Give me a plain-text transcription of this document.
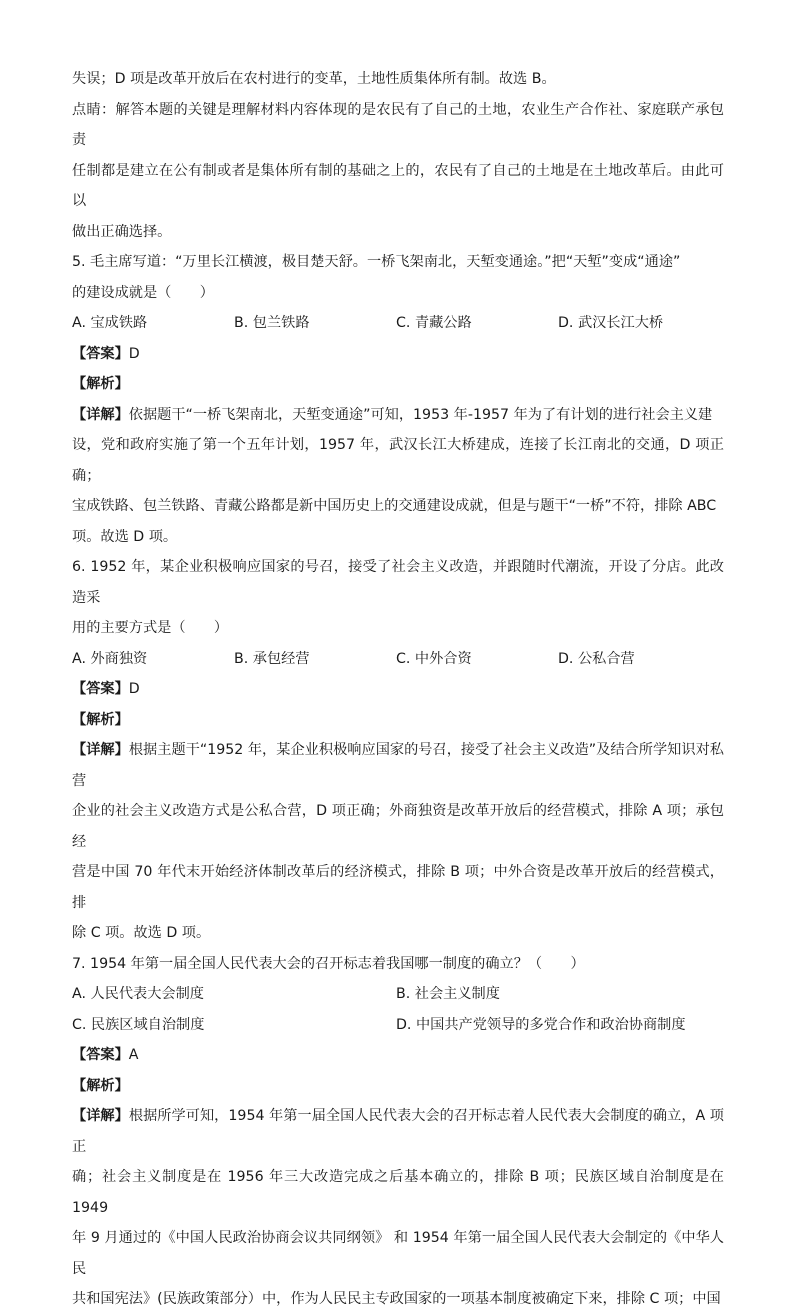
失误；D 项是改革开放后在农村进行的变革，土地性质集体所有制。故选 B。

点睛：解答本题的关键是理解材料内容体现的是农民有了自己的土地，农业生产合作社、家庭联产承包责

任制都是建立在公有制或者是集体所有制的基础之上的，农民有了自己的土地是在土地改革后。由此可以

做出正确选择。

5. 毛主席写道：“万里长江横渡，极目楚天舒。一桥飞架南北，天堑变通途。”把“天堑”变成“通途”

的建设成就是（　　）

A. 宝成铁路	B. 包兰铁路	C. 青藏公路	D. 武汉长江大桥

【答案】D

【解析】

【详解】依据题干“一桥飞架南北，天堑变通途”可知，1953 年-1957 年为了有计划的进行社会主义建

设，党和政府实施了第一个五年计划，1957 年，武汉长江大桥建成，连接了长江南北的交通，D 项正确；

宝成铁路、包兰铁路、青藏公路都是新中国历史上的交通建设成就，但是与题干“一桥”不符，排除 ABC

项。故选 D 项。

6. 1952 年，某企业积极响应国家的号召，接受了社会主义改造，并跟随时代潮流，开设了分店。此改造采

用的主要方式是（　　）

A. 外商独资	B. 承包经营	C. 中外合资	D. 公私合营

【答案】D

【解析】

【详解】根据主题干“1952 年，某企业积极响应国家的号召，接受了社会主义改造”及结合所学知识对私营

企业的社会主义改造方式是公私合营，D 项正确；外商独资是改革开放后的经营模式，排除 A 项；承包经

营是中国 70 年代末开始经济体制改革后的经济模式，排除 B 项；中外合资是改革开放后的经营模式，排

除 C 项。故选 D 项。

7. 1954 年第一届全国人民代表大会的召开标志着我国哪一制度的确立？（　　）

A. 人民代表大会制度	B. 社会主义制度
C. 民族区域自治制度	D. 中国共产党领导的多党合作和政治协商制度

【答案】A

【解析】

【详解】根据所学可知，1954 年第一届全国人民代表大会的召开标志着人民代表大会制度的确立，A 项正

确；社会主义制度是在 1956 年三大改造完成之后基本确立的，排除 B 项；民族区域自治制度是在 1949

年 9 月通过的《中国人民政治协商会议共同纲领》 和 1954 年第一届全国人民代表大会制定的《中华人民

共和国宪法》(民族政策部分）中，作为人民民主专政国家的一项基本制度被确定下来，排除 C 项；中国
